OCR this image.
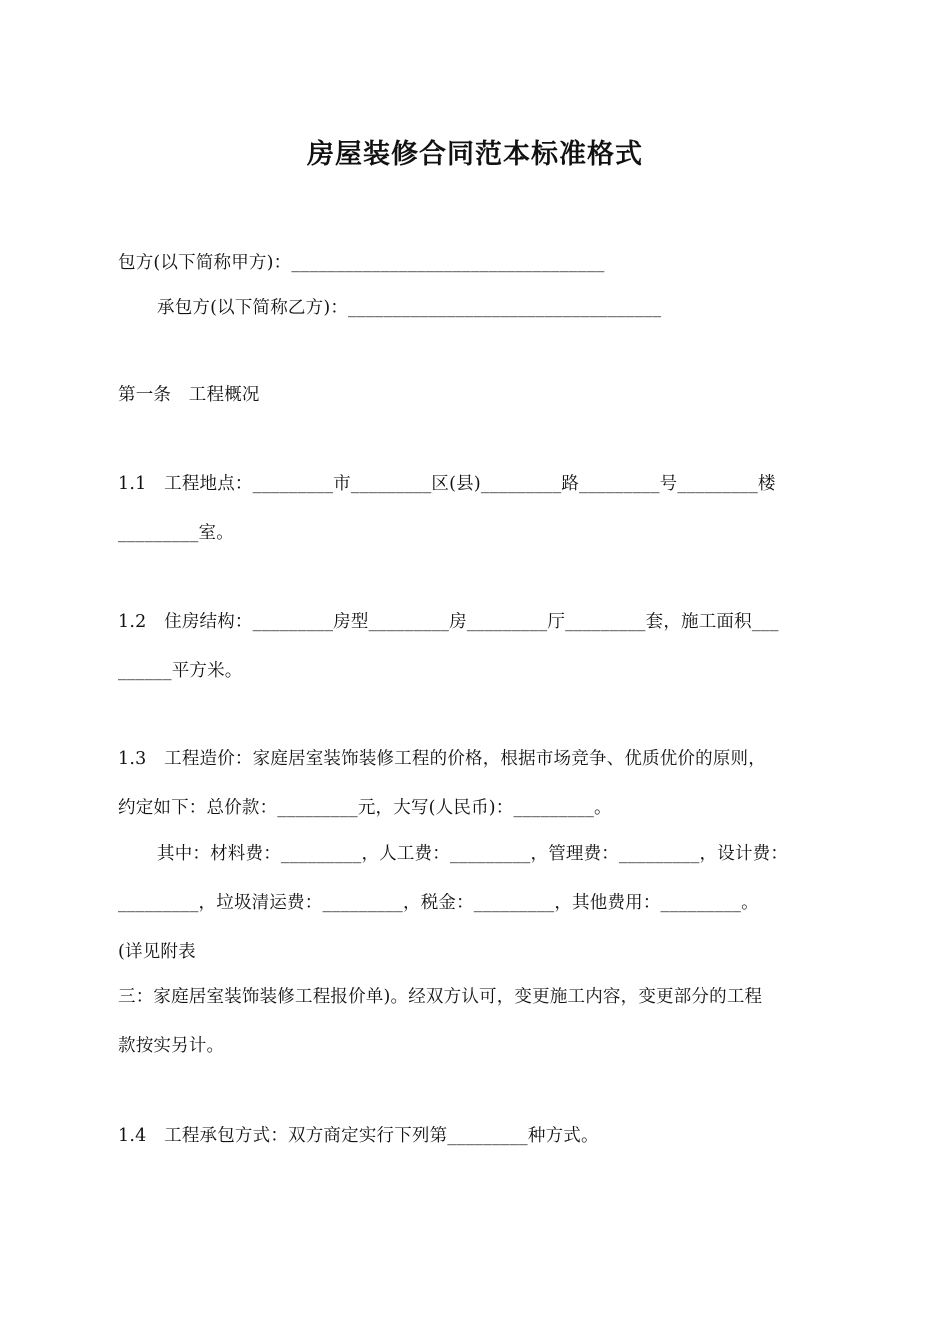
房屋装修合同范本标准格式
包方(以下简称甲方)：___________________________________
承包方(以下简称乙方)：___________________________________
第一条　工程概况
1.1　工程地点：_________市_________区(县)_________路_________号_________楼
_________室。
1.2　住房结构：_________房型_________房_________厅_________套，施工面积___
______平方米。
1.3　工程造价：家庭居室装饰装修工程的价格，根据市场竞争、优质优价的原则，
约定如下：总价款：_________元，大写(人民币)：_________。
其中：材料费：_________，人工费：_________，管理费：_________，设计费：
_________，垃圾清运费：_________，税金：_________，其他费用：_________。
(详见附表
三：家庭居室装饰装修工程报价单)。经双方认可，变更施工内容，变更部分的工程
款按实另计。
1.4　工程承包方式：双方商定实行下列第_________种方式。
